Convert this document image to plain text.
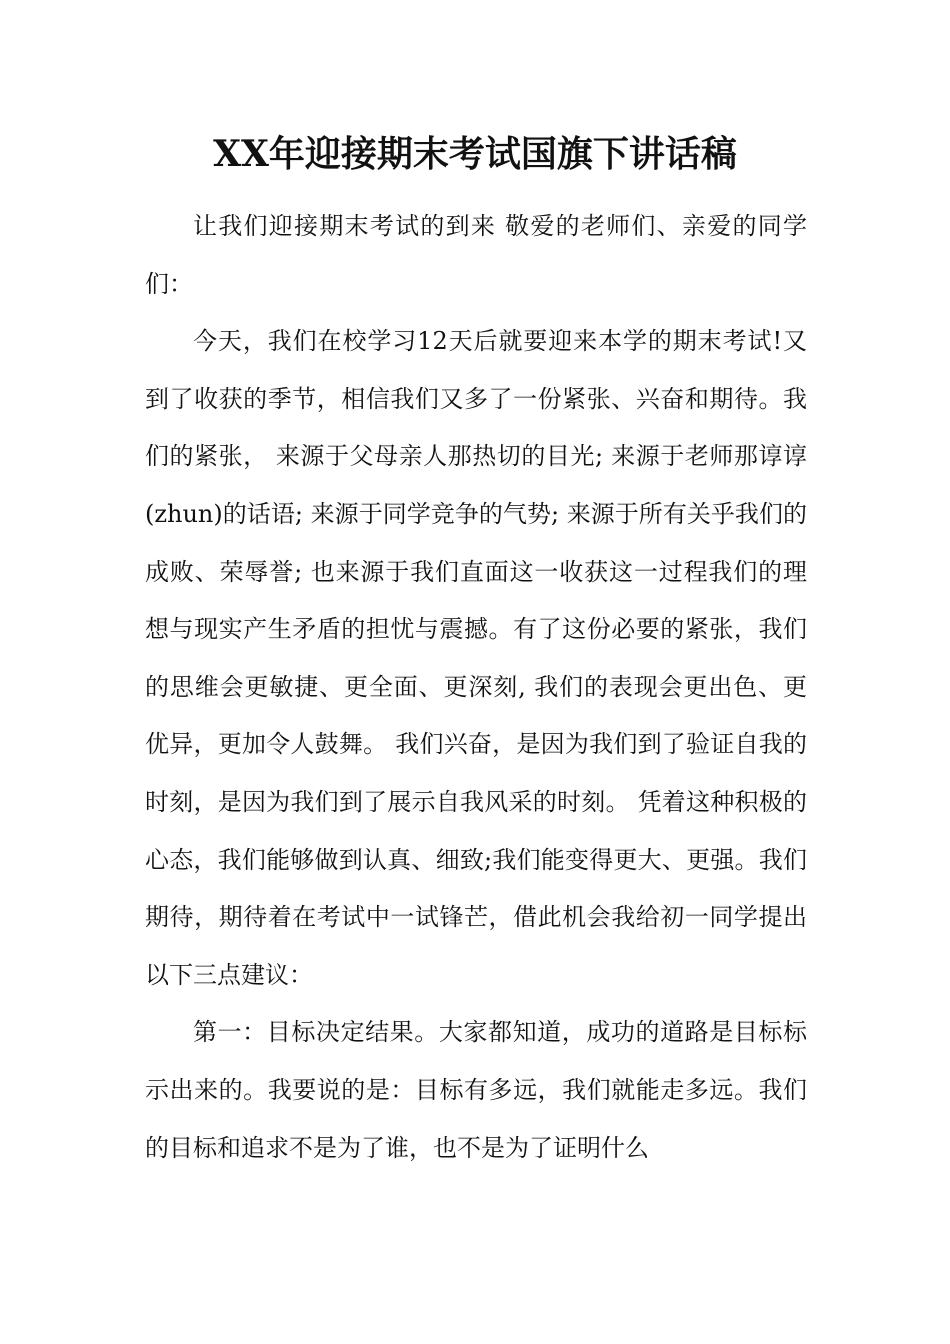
XX年迎接期末考试国旗下讲话稿

让我们迎接期末考试的到来 敬爱的老师们、亲爱的同学们：

今天，我们在校学习12天后就要迎来本学的期末考试!又到了收获的季节，相信我们又多了一份紧张、兴奋和期待。我们的紧张， 来源于父母亲人那热切的目光; 来源于老师那谆谆(zhun)的话语; 来源于同学竞争的气势; 来源于所有关乎我们的成败、荣辱誉; 也来源于我们直面这一收获这一过程我们的理想与现实产生矛盾的担忧与震撼。有了这份必要的紧张，我们的思维会更敏捷、更全面、更深刻, 我们的表现会更出色、更优异，更加令人鼓舞。 我们兴奋，是因为我们到了验证自我的时刻，是因为我们到了展示自我风采的时刻。 凭着这种积极的心态，我们能够做到认真、细致;我们能变得更大、更强。我们期待，期待着在考试中一试锋芒，借此机会我给初一同学提出以下三点建议：

第一：目标决定结果。大家都知道，成功的道路是目标标示出来的。我要说的是：目标有多远，我们就能走多远。我们的目标和追求不是为了谁，也不是为了证明什么
